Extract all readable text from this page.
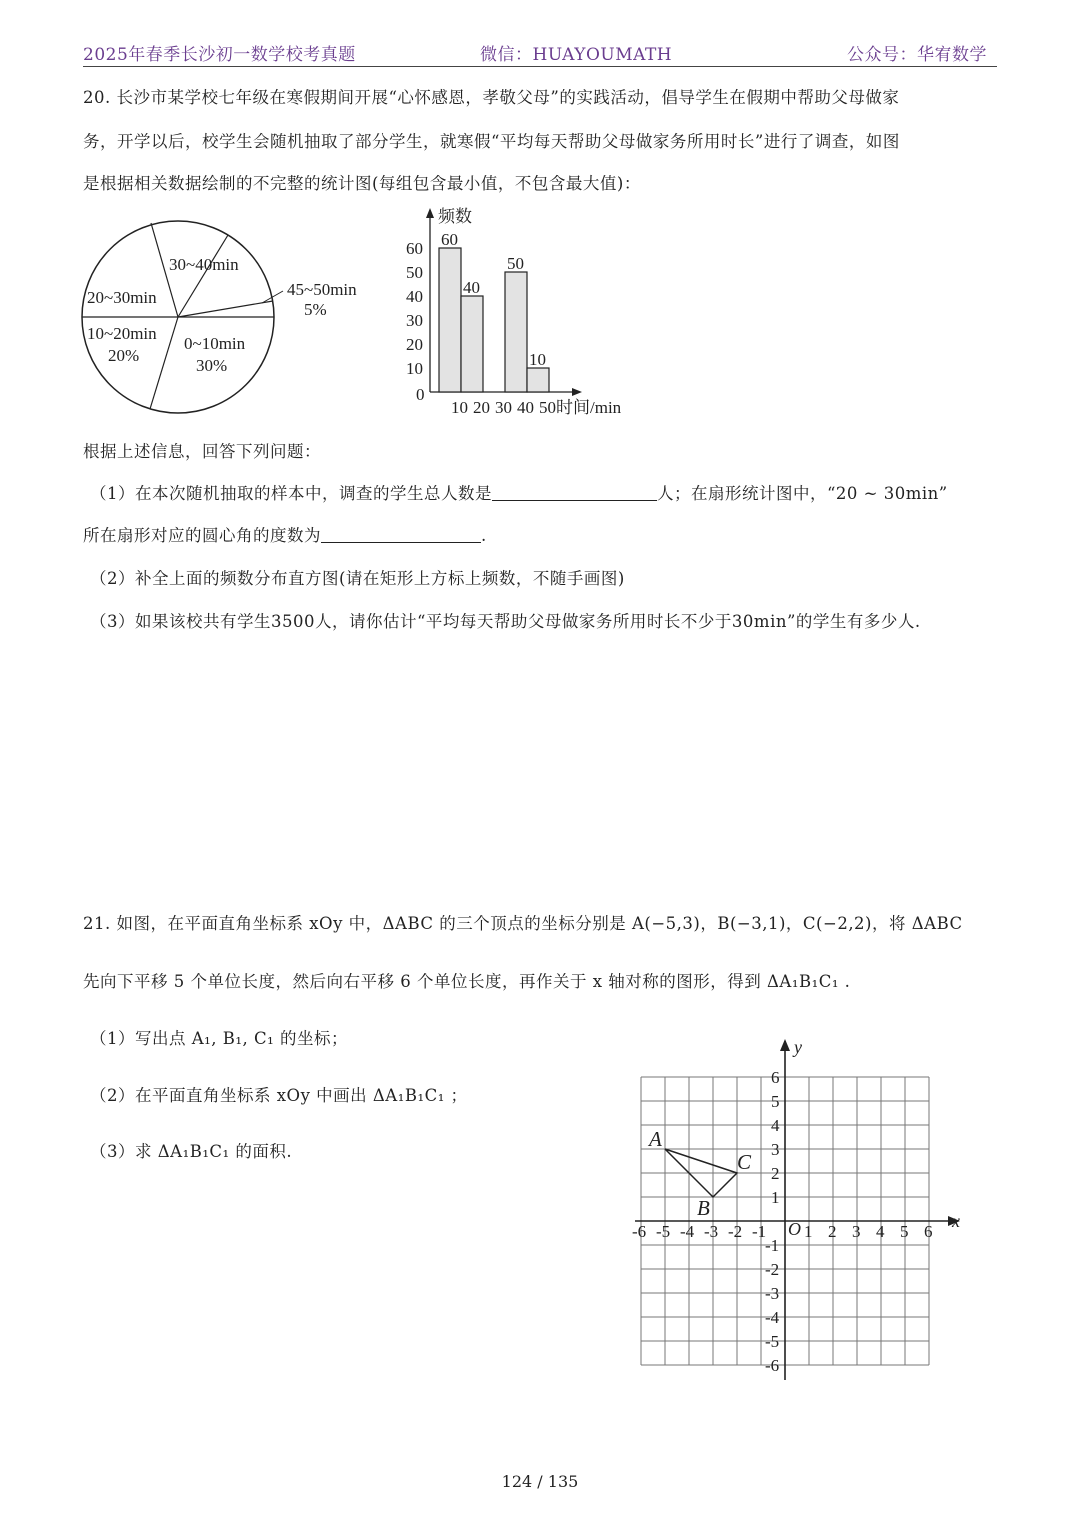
2025年春季长沙初一数学校考真题	微信：HUAYOUMATH	公众号：华宥数学
20. 长沙市某学校七年级在寒假期间开展“心怀感恩，孝敬父母”的实践活动，倡导学生在假期中帮助父母做家
务，开学以后，校学生会随机抽取了部分学生，就寒假“平均每天帮助父母做家务所用时长”进行了调查，如图
是根据相关数据绘制的不完整的统计图(每组包含最小值，不包含最大值)：
30~40min
45~50min
5%
0~10min
30%
10~20min
20%
20~30min
频数
时间/min
0
10
20
30
40
50
60
10 20 30 40 50
60
40
50
10
根据上述信息，回答下列问题：
（1）在本次随机抽取的样本中，调查的学生总人数是	人；在扇形统计图中，“20 ~ 30min”
所在扇形对应的圆心角的度数为	.
（2）补全上面的频数分布直方图(请在矩形上方标上频数，不随手画图)
（3）如果该校共有学生3500人，请你估计“平均每天帮助父母做家务所用时长不少于30min”的学生有多少人.
21. 如图，在平面直角坐标系 xOy 中，ΔABC 的三个顶点的坐标分别是 A(−5,3)，B(−3,1)，C(−2,2)，将 ΔABC
先向下平移 5 个单位长度，然后向右平移 6 个单位长度，再作关于 x 轴对称的图形，得到 ΔA₁B₁C₁ .
（1）写出点 A₁, B₁, C₁ 的坐标；
（2）在平面直角坐标系 xOy 中画出 ΔA₁B₁C₁ ；
（3）求 ΔA₁B₁C₁ 的面积.
x
y
O
-6 -5 -4 -3 -2 -1 1 2 3 4 5 6
6
5
4
3
2
1
-1
-2
-3
-4
-5
-6
A
B
C
124 / 135
